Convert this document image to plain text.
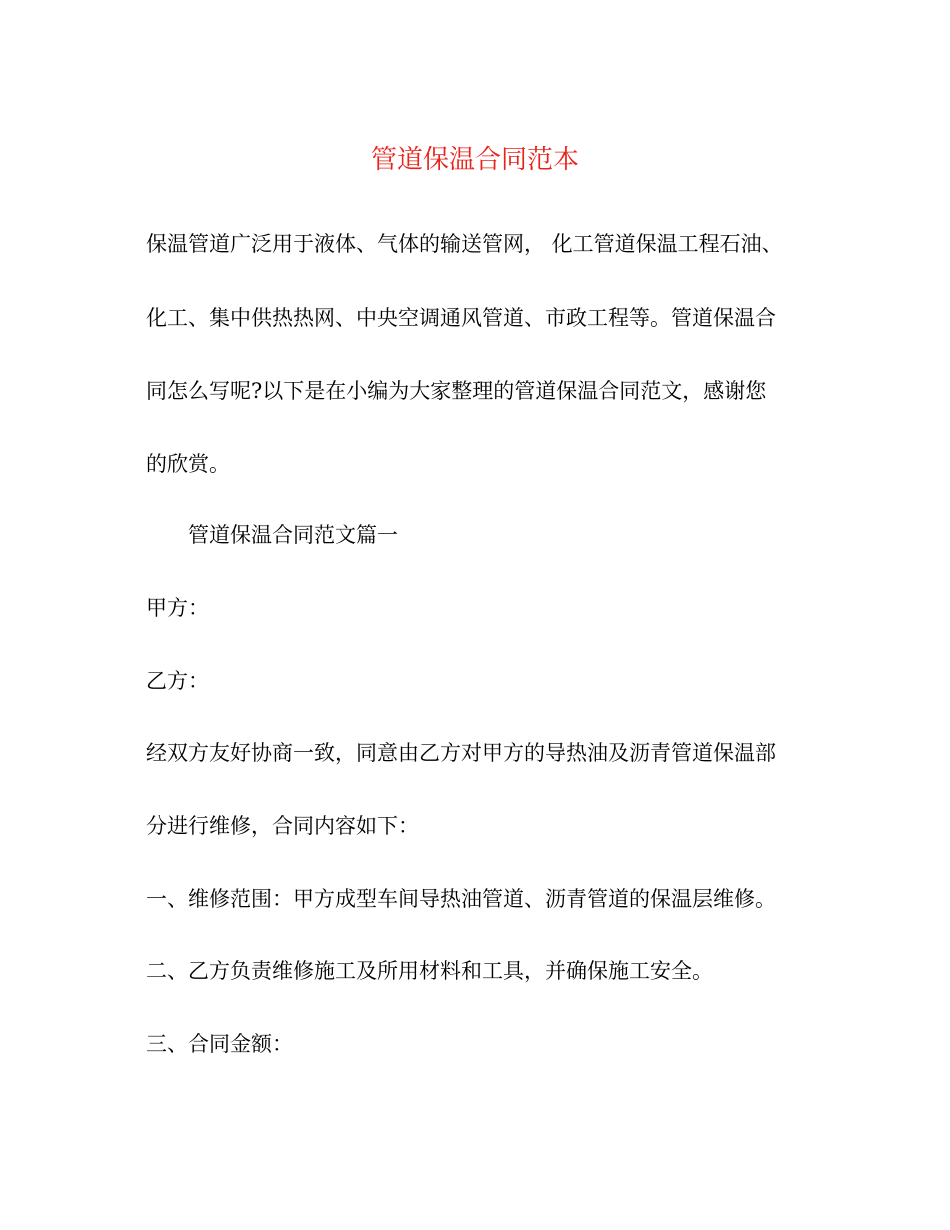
管道保温合同范本

保温管道广泛用于液体、气体的输送管网， 化工管道保温工程石油、

化工、集中供热热网、中央空调通风管道、市政工程等。管道保温合

同怎么写呢?以下是在小编为大家整理的管道保温合同范文，感谢您

的欣赏。

管道保温合同范文篇一

甲方：

乙方：

经双方友好协商一致，同意由乙方对甲方的导热油及沥青管道保温部

分进行维修，合同内容如下：

一、维修范围：甲方成型车间导热油管道、沥青管道的保温层维修。

二、乙方负责维修施工及所用材料和工具，并确保施工安全。

三、合同金额：
